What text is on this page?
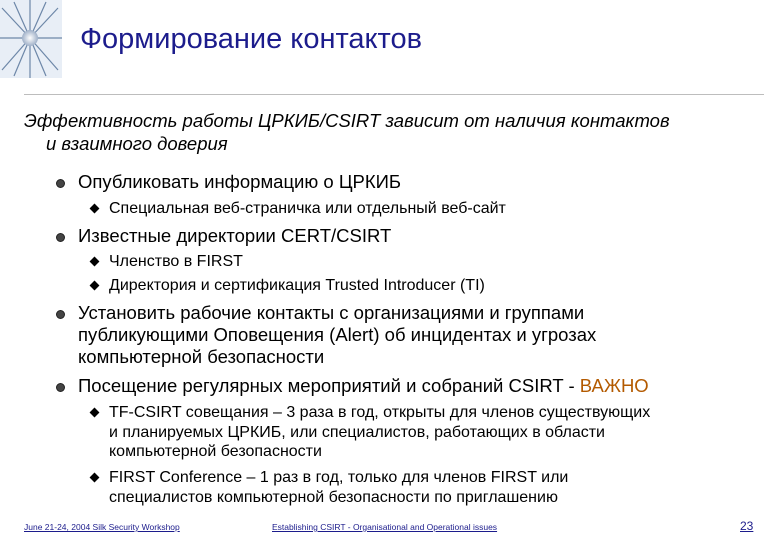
Формирование контактов
Эффективность работы ЦРКИБ/CSIRT зависит от наличия контактов
и взаимного доверия
Опубликовать информацию о ЦРКИБ
Специальная веб-страничка или отдельный веб-сайт
Известные директории CERT/CSIRT
Членство в FIRST
Директория и сертификация Trusted Introducer (TI)
Установить рабочие контакты с организациями и группами
публикующими Оповещения (Alert) об инцидентах и угрозах
компьютерной безопасности
Посещение регулярных мероприятий и собраний CSIRT - ВАЖНО
TF-CSIRT совещания – 3 раза в год, открыты для членов существующих
и планируемых ЦРКИБ, или специалистов, работающих в области
компьютерной безопасности
FIRST Conference – 1 раз в год, только для членов FIRST или
специалистов компьютерной безопасности по приглашению
June 21-24, 2004 Silk Security Workshop	Establishing CSIRT - Organisational and Operational issues	23
